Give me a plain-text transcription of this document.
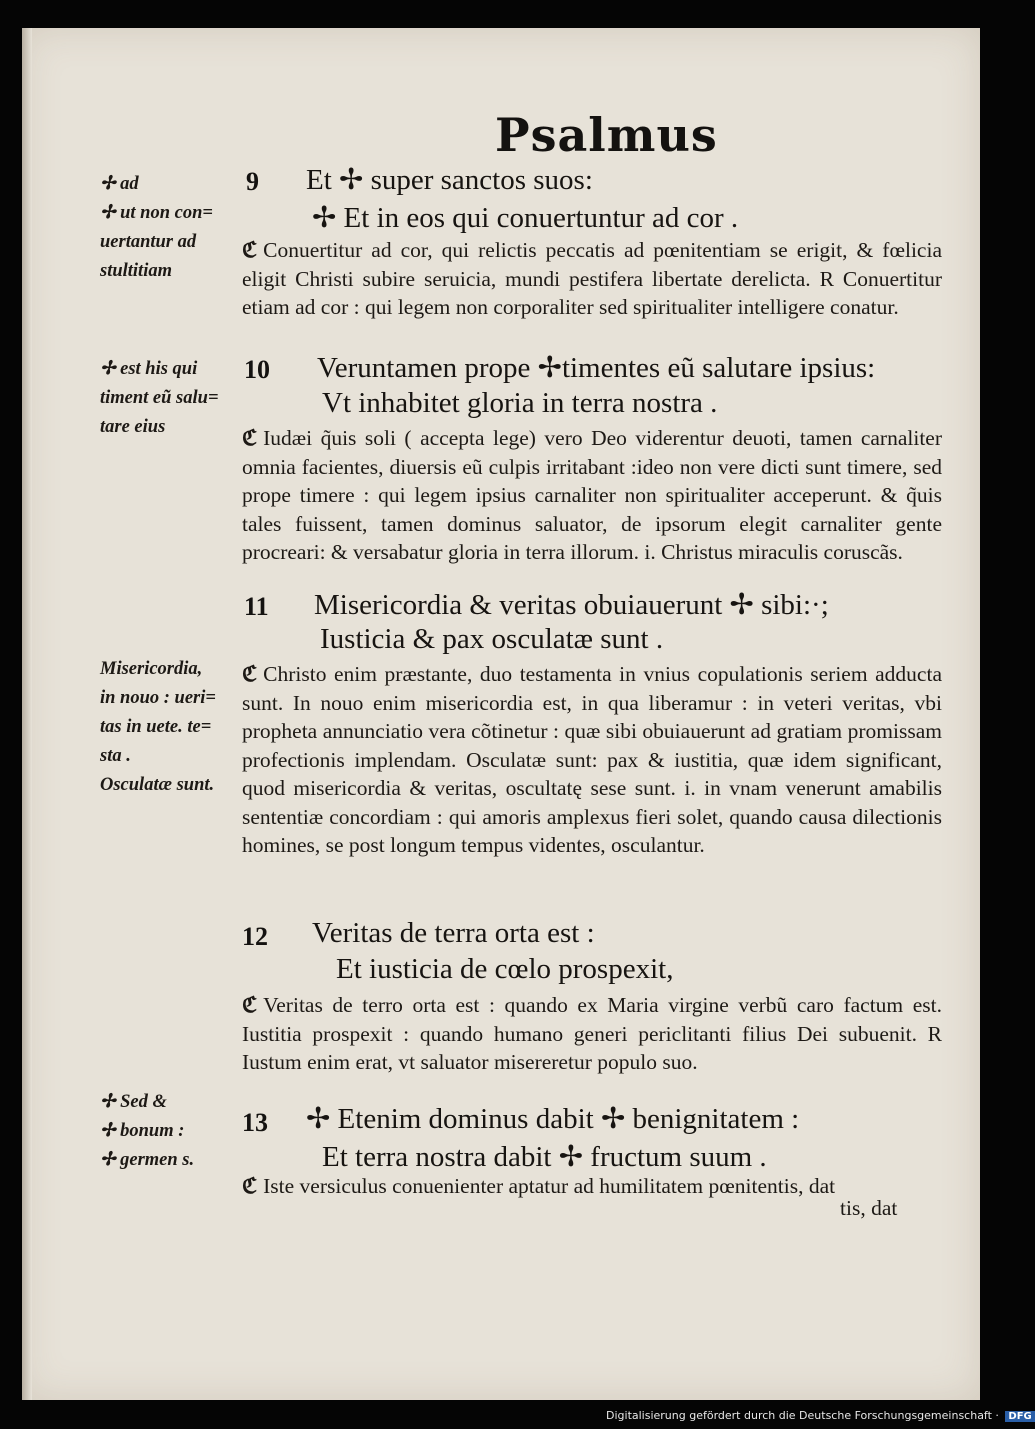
Psalmus
✢ ad
✢ ut non con=
uertantur ad
stultitiam
✢ est his qui
timent eũ salu=
tare eius
Misericordia,
in nouo : ueri=
tas in uete. te=
sta .
Osculatæ sunt.
✢ Sed &
✢ bonum :
✢ germen s.
9 Et ✢ super sanctos suos:
✢ Et in eos qui conuertuntur ad cor .
ℭ Conuertitur ad cor, qui relictis peccatis ad pœnitentiam se erigit, & fœlicia eligit Christi subire seruicia, mundi pestifera libertate derelicta. R Conuertitur etiam ad cor : qui legem non corporaliter sed spiritualiter intelligere conatur.
10 Veruntamen prope ✢timentes eũ salutare ipsius:
Vt inhabitet gloria in terra nostra .
ℭ Iudæi q̃uis soli ( accepta lege) vero Deo viderentur deuoti, tamen carnaliter omnia facientes, diuersis eũ culpis irritabant :ideo non vere dicti sunt timere, sed prope timere : qui legem ipsius carnaliter non spiritualiter acceperunt. & q̃uis tales fuissent, tamen dominus saluator, de ipsorum elegit carnaliter gente procreari: & versabatur gloria in terra illorum. i. Christus miraculis coruscãs.
11 Misericordia & veritas obuiauerunt ✢ sibi:·;
Iusticia & pax osculatæ sunt .
ℭ Christo enim præstante, duo testamenta in vnius copulationis seriem adducta sunt. In nouo enim misericordia est, in qua liberamur : in veteri veritas, vbi propheta annunciatio vera cõtinetur : quæ sibi obuiauerunt ad gratiam promissam profectionis implendam. Osculatæ sunt: pax & iustitia, quæ idem significant, quod misericordia & veritas, oscultatę sese sunt. i. in vnam venerunt amabilis sententiæ concordiam : qui amoris amplexus fieri solet, quando causa dilectionis homines, se post longum tempus videntes, osculantur.
12 Veritas de terra orta est :
Et iusticia de cœlo prospexit,
ℭ Veritas de terro orta est : quando ex Maria virgine verbũ caro factum est. Iustitia prospexit : quando humano generi periclitanti filius Dei subuenit. R Iustum enim erat, vt saluator misereretur populo suo.
13 ✢ Etenim dominus dabit ✢ benignitatem :
Et terra nostra dabit ✢ fructum suum .
ℭ Iste versiculus conuenienter aptatur ad humilitatem pœnitentis, dat
tis, dat
Digitalisierung gefördert durch die Deutsche Forschungsgemeinschaft · DFG
